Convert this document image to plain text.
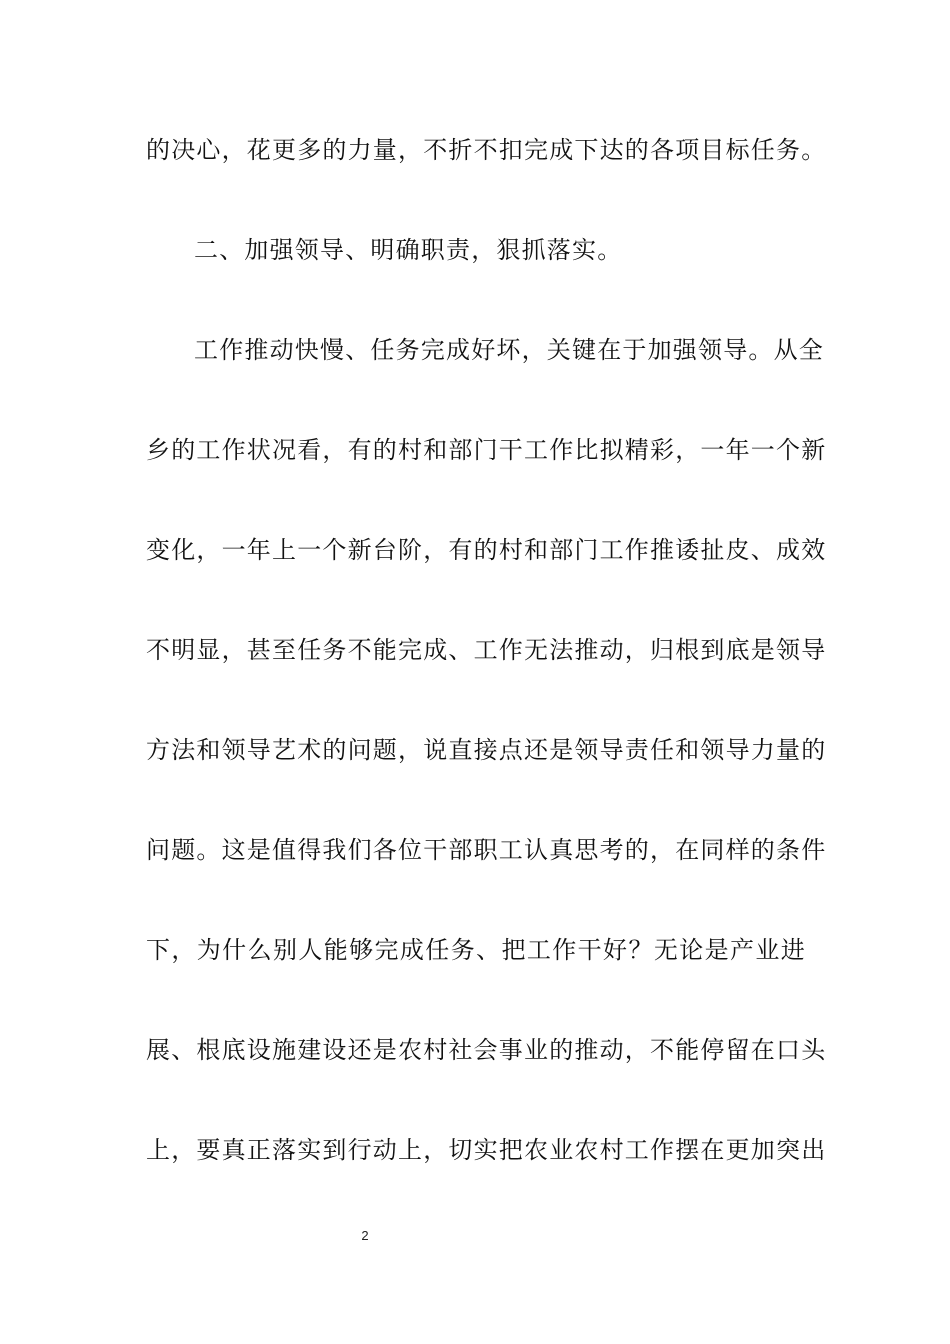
的决心，花更多的力量，不折不扣完成下达的各项目标任务。
二、加强领导、明确职责，狠抓落实。
工作推动快慢、任务完成好坏，关键在于加强领导。从全
乡的工作状况看，有的村和部门干工作比拟精彩，一年一个新
变化，一年上一个新台阶，有的村和部门工作推诿扯皮、成效
不明显，甚至任务不能完成、工作无法推动，归根到底是领导
方法和领导艺术的问题，说直接点还是领导责任和领导力量的
问题。这是值得我们各位干部职工认真思考的，在同样的条件
下，为什么别人能够完成任务、把工作干好？无论是产业进
展、根底设施建设还是农村社会事业的推动，不能停留在口头
上，要真正落实到行动上，切实把农业农村工作摆在更加突出
2
